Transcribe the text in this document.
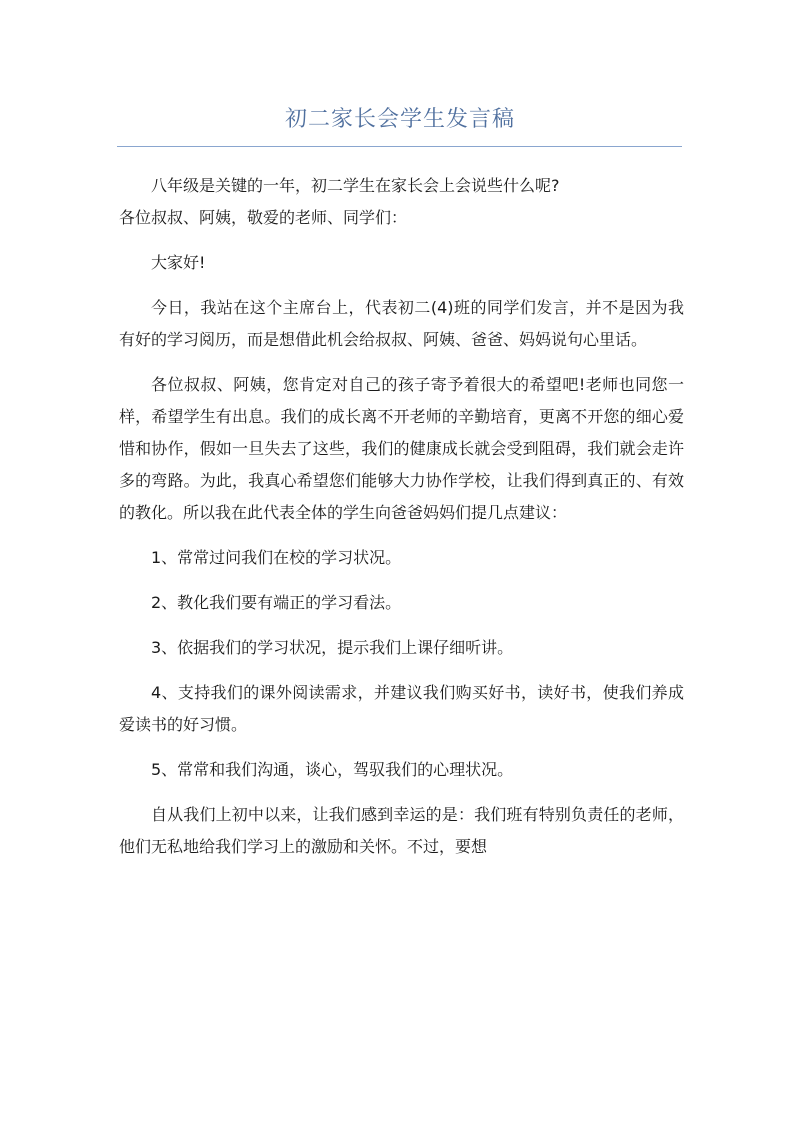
初二家长会学生发言稿

八年级是关键的一年，初二学生在家长会上会说些什么呢?

各位叔叔、阿姨，敬爱的老师、同学们：

大家好!

今日，我站在这个主席台上，代表初二(4)班的同学们发言，并不是因为我有好的学习阅历，而是想借此机会给叔叔、阿姨、爸爸、妈妈说句心里话。

各位叔叔、阿姨，您肯定对自己的孩子寄予着很大的希望吧!老师也同您一样，希望学生有出息。我们的成长离不开老师的辛勤培育，更离不开您的细心爱惜和协作，假如一旦失去了这些，我们的健康成长就会受到阻碍，我们就会走许多的弯路。为此，我真心希望您们能够大力协作学校，让我们得到真正的、有效的教化。所以我在此代表全体的学生向爸爸妈妈们提几点建议：

1、常常过问我们在校的学习状况。

2、教化我们要有端正的学习看法。

3、依据我们的学习状况，提示我们上课仔细听讲。

4、支持我们的课外阅读需求，并建议我们购买好书，读好书，使我们养成爱读书的好习惯。

5、常常和我们沟通，谈心，驾驭我们的心理状况。

自从我们上初中以来，让我们感到幸运的是：我们班有特别负责任的老师，他们无私地给我们学习上的激励和关怀。不过，要想
